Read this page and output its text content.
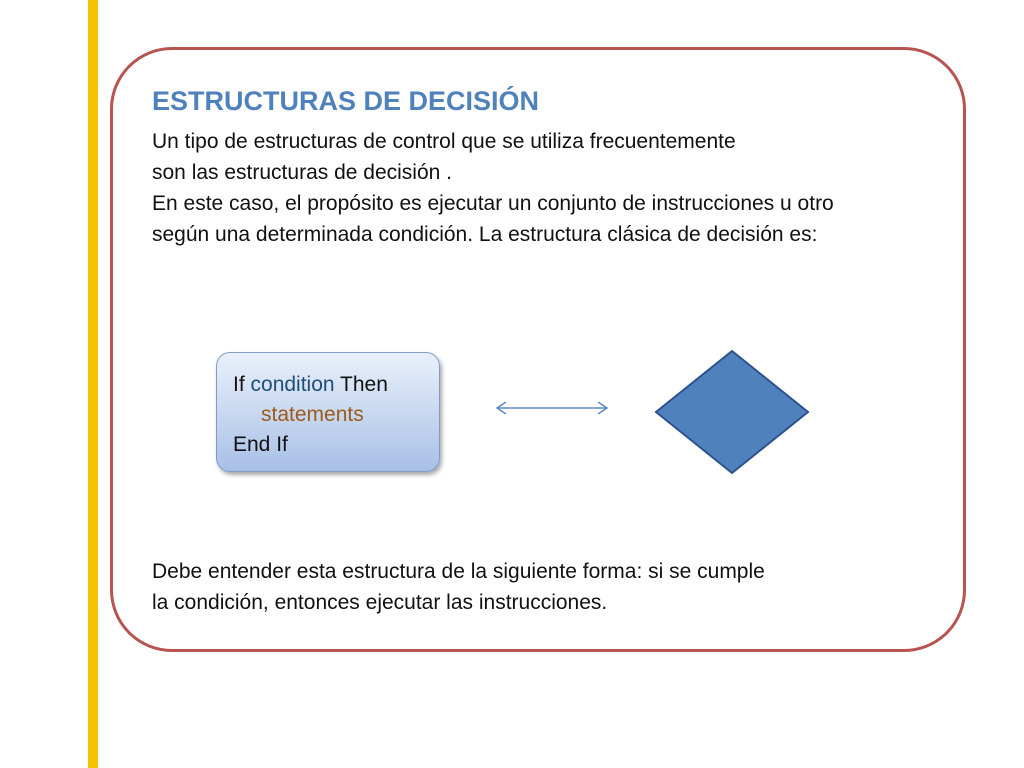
ESTRUCTURAS DE DECISIÓN
Un tipo de estructuras de control que se utiliza frecuentemente
son las estructuras de decisión .
En este caso, el propósito es ejecutar un conjunto de instrucciones u otro
según una determinada condición. La estructura clásica de decisión es:
If condition Then
statements
End If
Debe entender esta estructura de la siguiente forma: si se cumple
la condición, entonces ejecutar las instrucciones.
